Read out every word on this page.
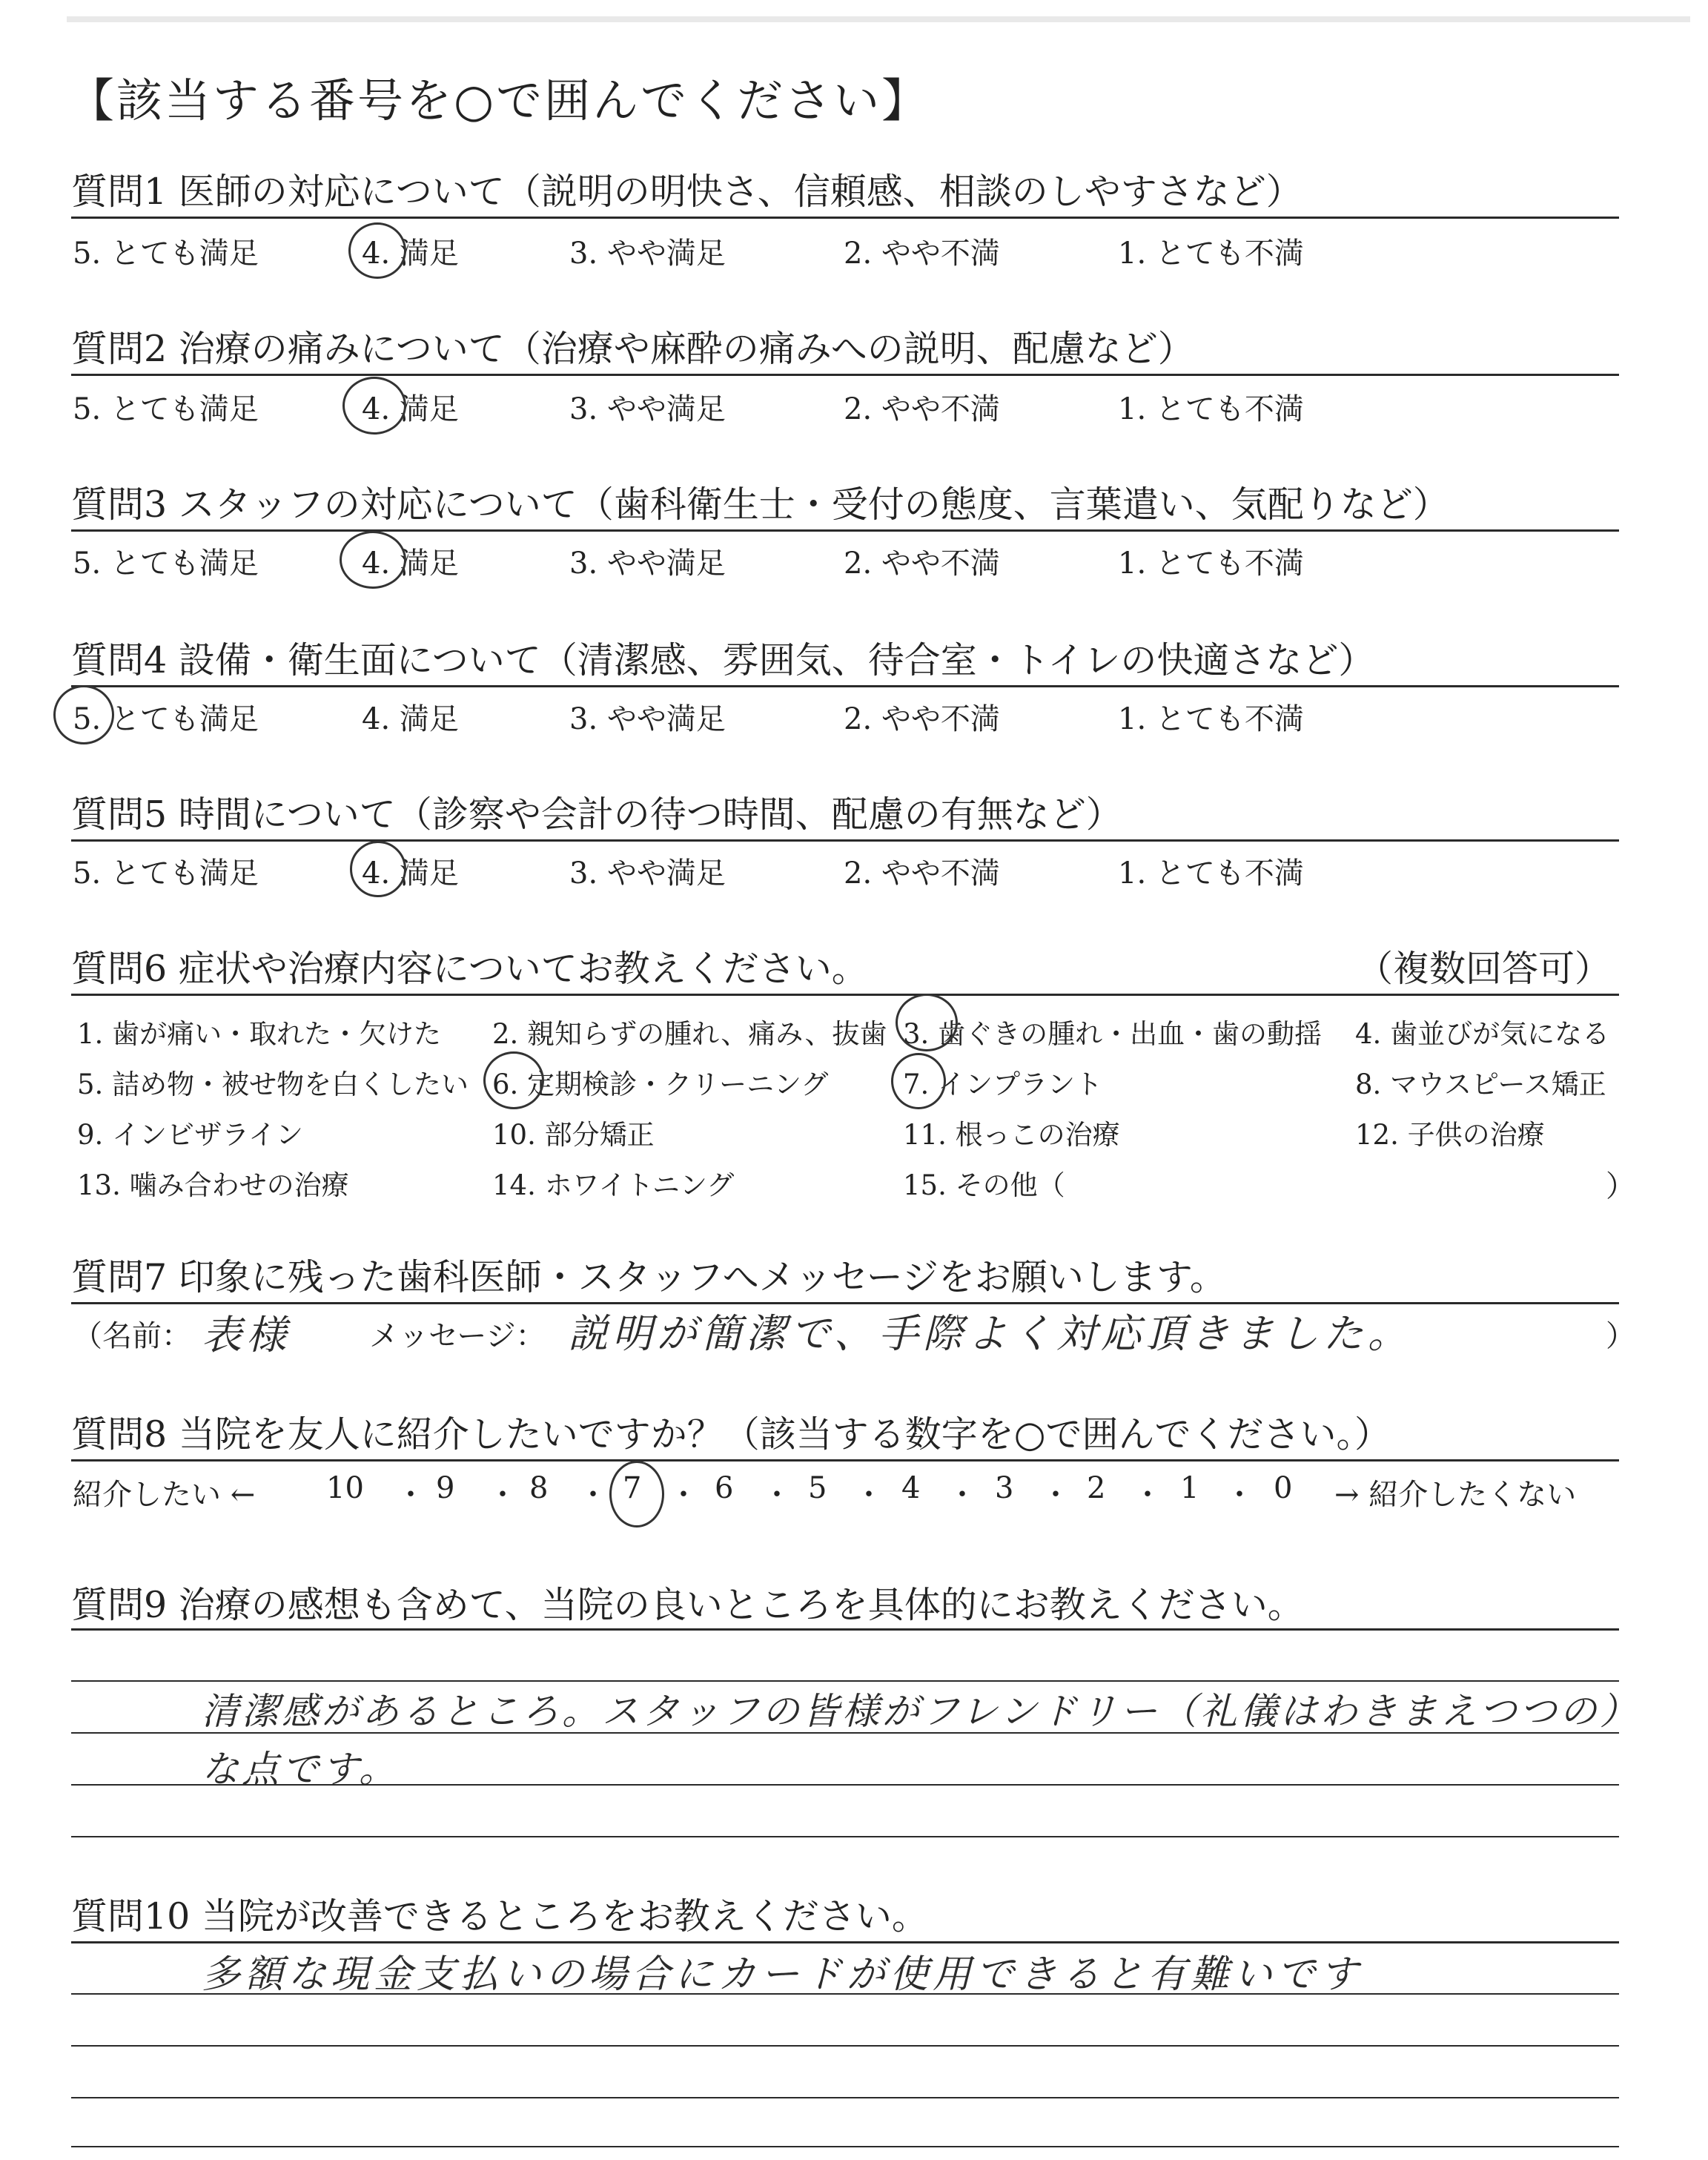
【該当する番号を○で囲んでください】
質問1 医師の対応について（説明の明快さ、信頼感、相談のしやすさなど）
5. とても満足	4. 満足	3. やや満足	2. やや不満	1. とても不満
質問2 治療の痛みについて（治療や麻酔の痛みへの説明、配慮など）
5. とても満足	4. 満足	3. やや満足	2. やや不満	1. とても不満
質問3 スタッフの対応について（歯科衛生士・受付の態度、言葉遣い、気配りなど）
5. とても満足	4. 満足	3. やや満足	2. やや不満	1. とても不満
質問4 設備・衛生面について（清潔感、雰囲気、待合室・トイレの快適さなど）
5. とても満足	4. 満足	3. やや満足	2. やや不満	1. とても不満
質問5 時間について（診察や会計の待つ時間、配慮の有無など）
5. とても満足	4. 満足	3. やや満足	2. やや不満	1. とても不満
質問6 症状や治療内容についてお教えください。	（複数回答可）
1. 歯が痛い・取れた・欠けた 2. 親知らずの腫れ、痛み、抜歯 3. 歯ぐきの腫れ・出血・歯の動揺 4. 歯並びが気になる
5. 詰め物・被せ物を白くしたい 6. 定期検診・クリーニング	7. インプラント	8. マウスピース矯正
9. インビザライン	10. 部分矯正	11. 根っこの治療	12. 子供の治療
13. 噛み合わせの治療	14. ホワイトニング	15. その他（	）
質問7 印象に残った歯科医師・スタッフへメッセージをお願いします。
（名前： 表様	メッセージ： 説明が簡潔で、手際よく対応頂きました。	）
質問8 当院を友人に紹介したいですか？（該当する数字を○で囲んでください。）
紹介したい ← 10 ・ 9 ・ 8 ・ 7 ・ 6 ・ 5 ・ 4 ・ 3 ・ 2 ・ 1 ・ 0 → 紹介したくない
質問9 治療の感想も含めて、当院の良いところを具体的にお教えください。
清潔感があるところ。スタッフの皆様がフレンドリー（礼儀はわきまえつつの）
な点です。
質問10 当院が改善できるところをお教えください。
多額な現金支払いの場合にカードが使用できると有難いです
